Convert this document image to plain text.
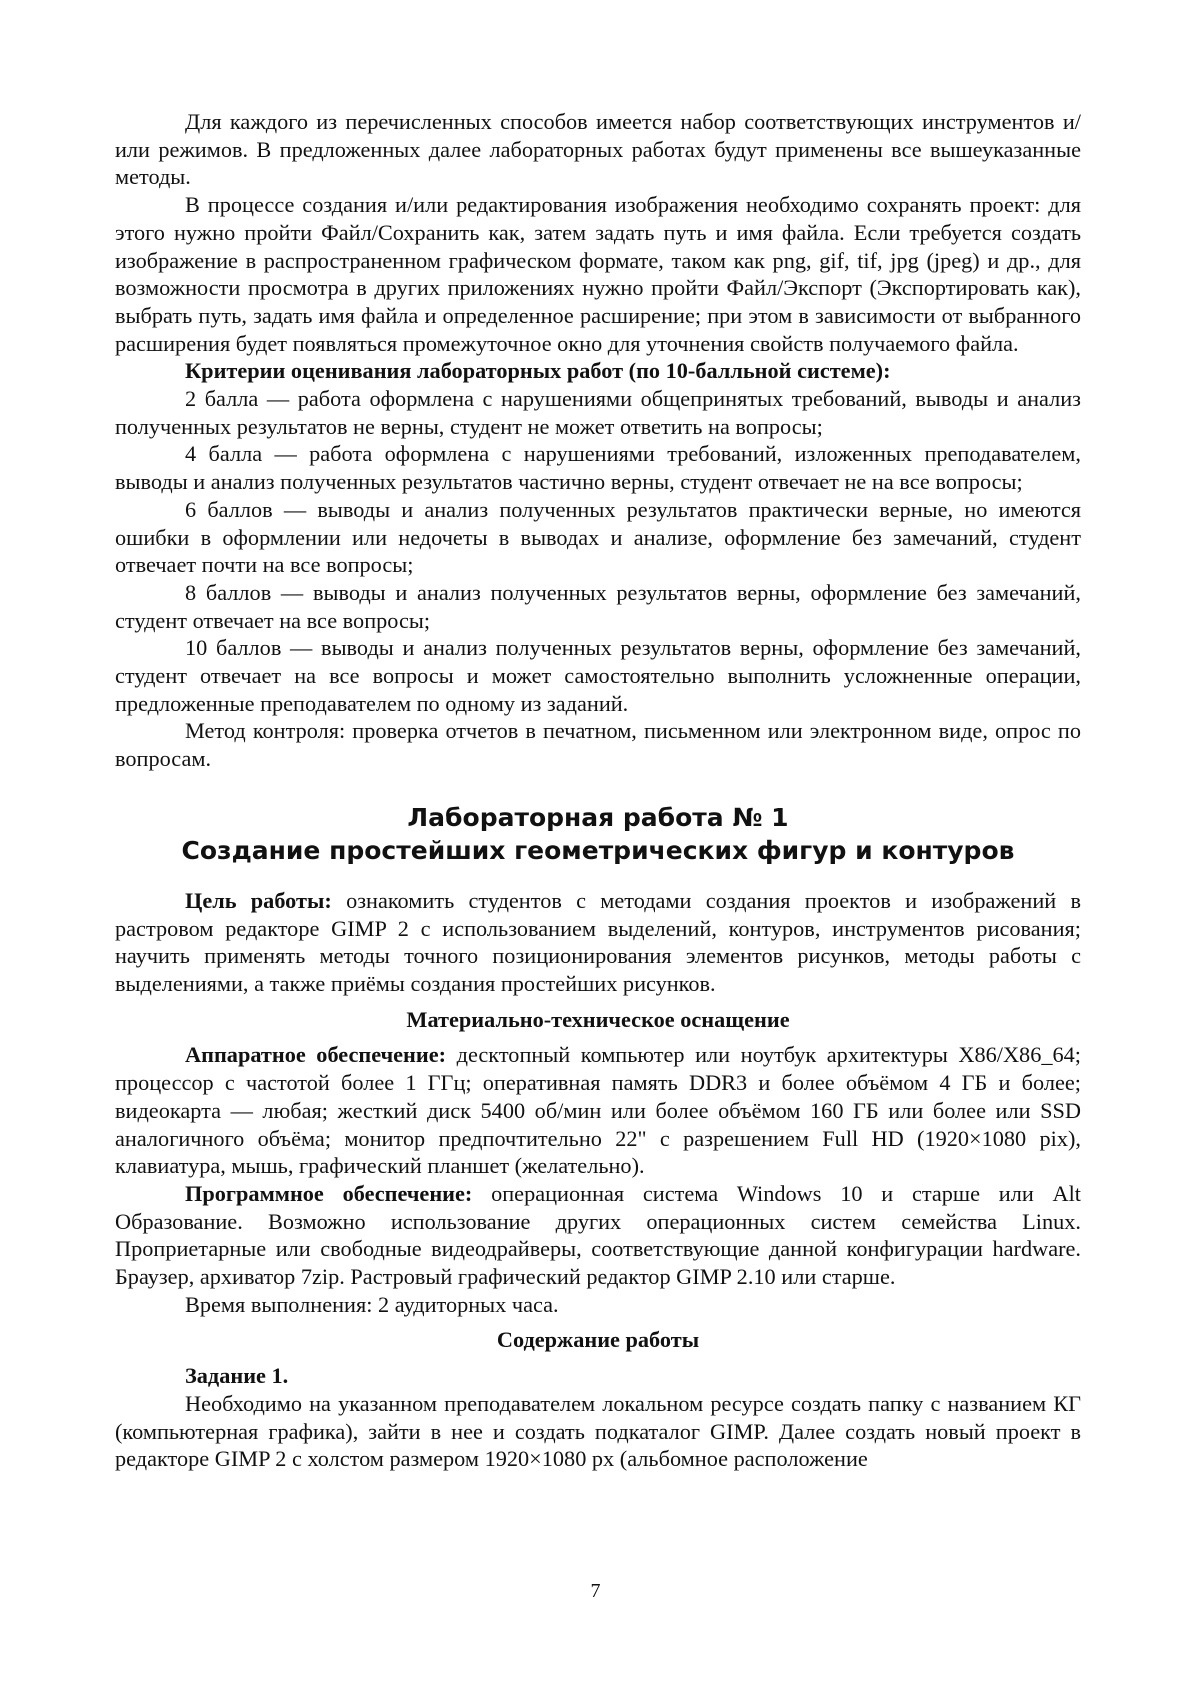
Для каждого из перечисленных способов имеется набор соответствующих инструментов и/или режимов. В предложенных далее лабораторных работах будут применены все вышеуказанные методы.

В процессе создания и/или редактирования изображения необходимо сохранять проект: для этого нужно пройти Файл/Сохранить как, затем задать путь и имя файла. Если требуется создать изображение в распространенном графическом формате, таком как png, gif, tif, jpg (jpeg) и др., для возможности просмотра в других приложениях нужно пройти Файл/Экспорт (Экспортировать как), выбрать путь, задать имя файла и определенное расширение; при этом в зависимости от выбранного расширения будет появляться промежуточное окно для уточнения свойств получаемого файла.

Критерии оценивания лабораторных работ (по 10-балльной системе):

2 балла — работа оформлена с нарушениями общепринятых требований, выводы и анализ полученных результатов не верны, студент не может ответить на вопросы;

4 балла — работа оформлена с нарушениями требований, изложенных преподавателем, выводы и анализ полученных результатов частично верны, студент отвечает не на все вопросы;

6 баллов — выводы и анализ полученных результатов практически верные, но имеются ошибки в оформлении или недочеты в выводах и анализе, оформление без замечаний, студент отвечает почти на все вопросы;

8 баллов — выводы и анализ полученных результатов верны, оформление без замечаний, студент отвечает на все вопросы;

10 баллов — выводы и анализ полученных результатов верны, оформление без замечаний, студент отвечает на все вопросы и может самостоятельно выполнить усложненные операции, предложенные преподавателем по одному из заданий.

Метод контроля: проверка отчетов в печатном, письменном или электронном виде, опрос по вопросам.

Лабораторная работа № 1
Создание простейших геометрических фигур и контуров

Цель работы: ознакомить студентов с методами создания проектов и изображений в растровом редакторе GIMP 2 с использованием выделений, контуров, инструментов рисования; научить применять методы точного позиционирования элементов рисунков, методы работы с выделениями, а также приёмы создания простейших рисунков.

Материально-техническое оснащение

Аппаратное обеспечение: десктопный компьютер или ноутбук архитектуры X86/X86_64; процессор с частотой более 1 ГГц; оперативная память DDR3 и более объёмом 4 ГБ и более; видеокарта — любая; жесткий диск 5400 об/мин или более объёмом 160 ГБ или более или SSD аналогичного объёма; монитор предпочтительно 22" с разрешением Full HD (1920×1080 pix), клавиатура, мышь, графический планшет (желательно).

Программное обеспечение: операционная система Windows 10 и старше или Alt Образование. Возможно использование других операционных систем семейства Linux. Проприетарные или свободные видеодрайверы, соответствующие данной конфигурации hardware. Браузер, архиватор 7zip. Растровый графический редактор GIMP 2.10 или старше.

Время выполнения: 2 аудиторных часа.

Содержание работы

Задание 1.

Необходимо на указанном преподавателем локальном ресурсе создать папку с названием КГ (компьютерная графика), зайти в нее и создать подкаталог GIMP. Далее создать новый проект в редакторе GIMP 2 с холстом размером 1920×1080 px (альбомное расположение

7
